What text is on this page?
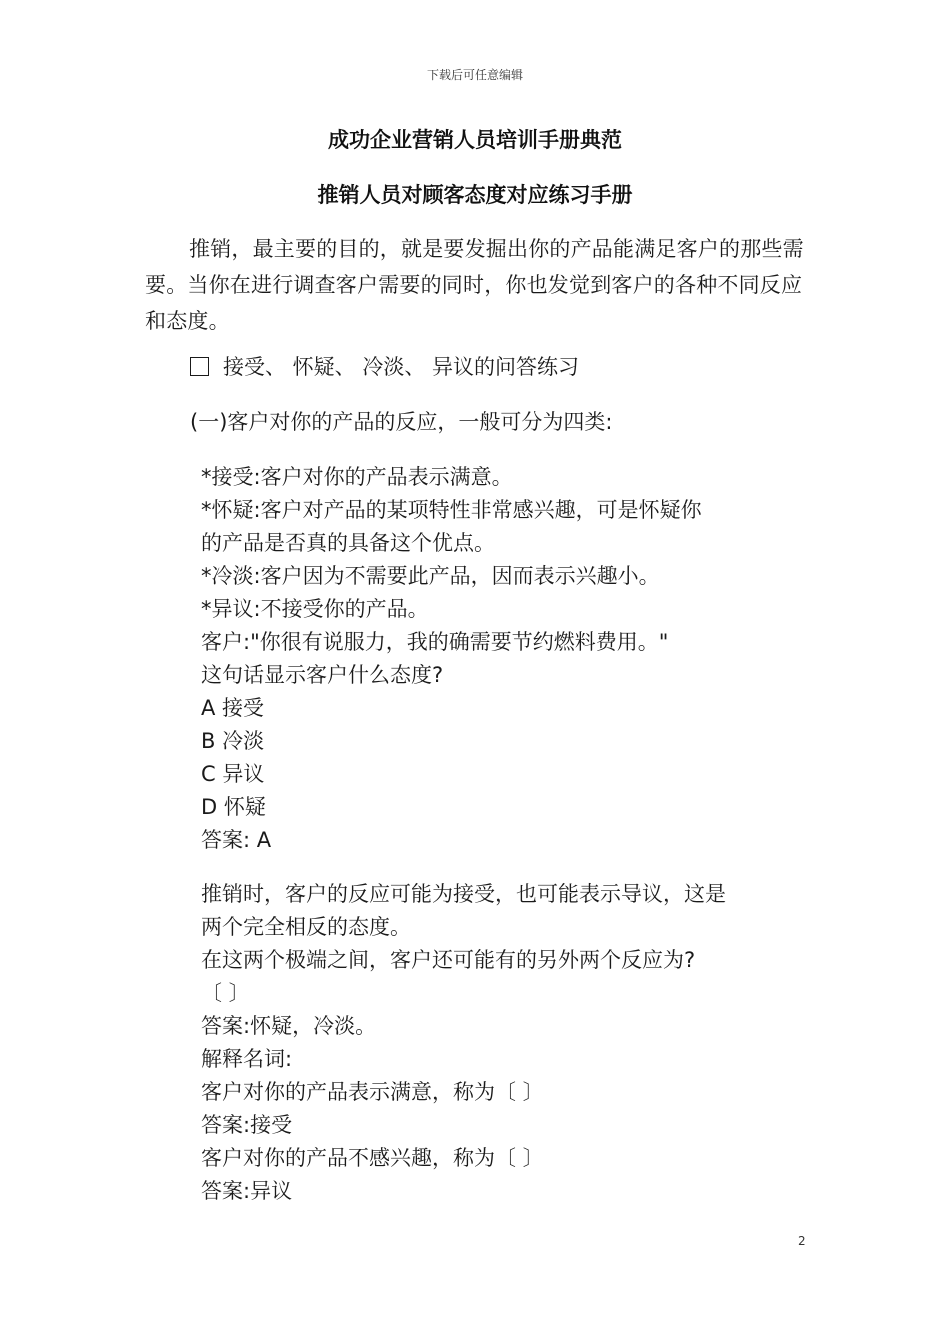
下载后可任意编辑
成功企业营销人员培训手册典范
推销人员对顾客态度对应练习手册
推销，最主要的目的，就是要发掘出你的产品能满足客户的那些需要。当你在进行调查客户需要的同时，你也发觉到客户的各种不同反应和态度。
接受、 怀疑、 冷淡、 异议的问答练习
(一)客户对你的产品的反应，一般可分为四类:
*接受:客户对你的产品表示满意。
*怀疑:客户对产品的某项特性非常感兴趣，可是怀疑你
的产品是否真的具备这个优点。
*冷淡:客户因为不需要此产品，因而表示兴趣小。
*异议:不接受你的产品。
客户:"你很有说服力，我的确需要节约燃料费用。"
这句话显示客户什么态度?
A 接受
B 冷淡
C 异议
D 怀疑
答案: A
推销时，客户的反应可能为接受，也可能表示导议，这是
两个完全相反的态度。
在这两个极端之间，客户还可能有的另外两个反应为?
〔 〕
答案:怀疑，冷淡。
解释名词:
客户对你的产品表示满意，称为〔 〕
答案:接受
客户对你的产品不感兴趣，称为〔 〕
答案:异议
2
